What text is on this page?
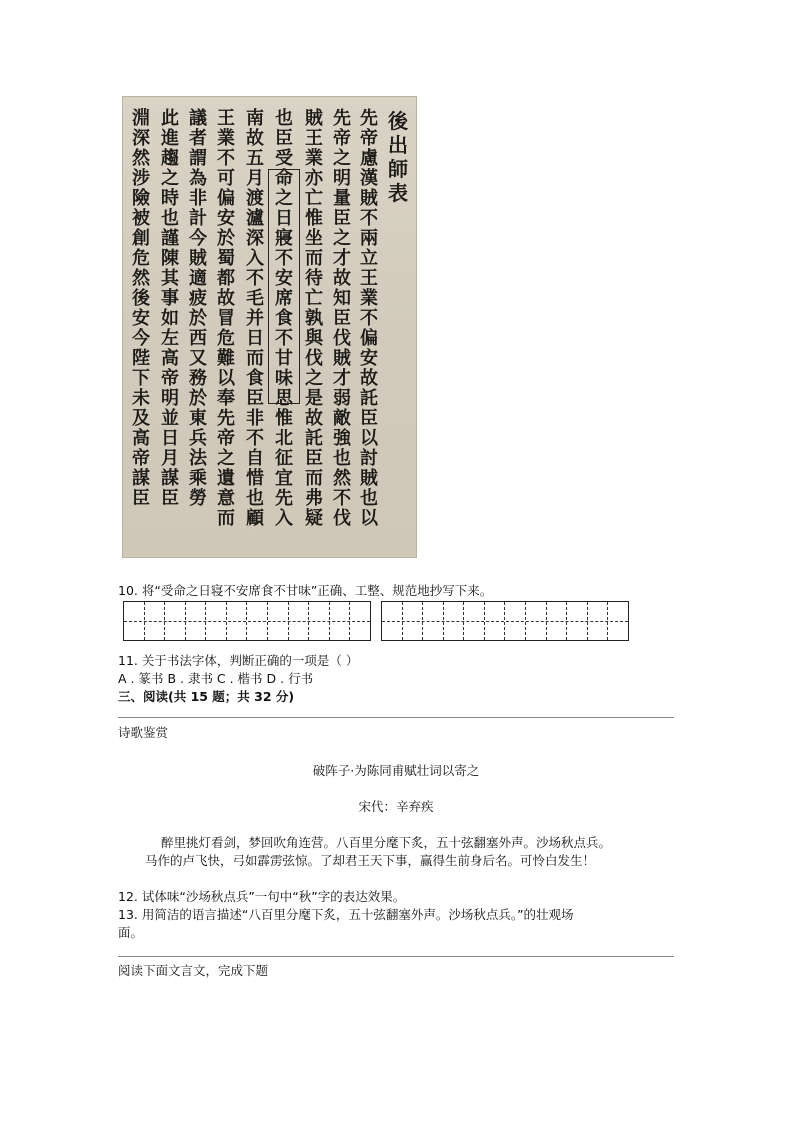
後出師表
先帝慮漢賊不兩立王業不偏安故託臣以討賊也以
先帝之明量臣之才故知臣伐賊才弱敵強也然不伐
賊王業亦亡惟坐而待亡孰與伐之是故託臣而弗疑
也臣受命之日寢不安席食不甘味思惟北征宜先入
南故五月渡瀘深入不毛并日而食臣非不自惜也顧
王業不可偏安於蜀都故冒危難以奉先帝之遺意而
議者謂為非計今賊適疲於西又務於東兵法乘勞
此進趨之時也謹陳其事如左高帝明並日月謀臣
淵深然涉險被創危然後安今陛下未及高帝謀臣
10. 将“受命之日寝不安席食不甘味”正确、工整、规范地抄写下来。
11. 关于书法字体，判断正确的一项是（ ）
A . 篆书 B . 隶书 C . 楷书 D . 行书
三、阅读(共 15 题；共 32 分)
诗歌鉴赏
破阵子·为陈同甫赋壮词以寄之
宋代：辛弃疾
醉里挑灯看剑，梦回吹角连营。八百里分麾下炙，五十弦翻塞外声。沙场秋点兵。
马作的卢飞快，弓如霹雳弦惊。了却君王天下事，赢得生前身后名。可怜白发生！
12. 试体味“沙场秋点兵”一句中“秋”字的表达效果。
13. 用简洁的语言描述“八百里分麾下炙，五十弦翻塞外声。沙场秋点兵。”的壮观场
面。
阅读下面文言文，完成下题
